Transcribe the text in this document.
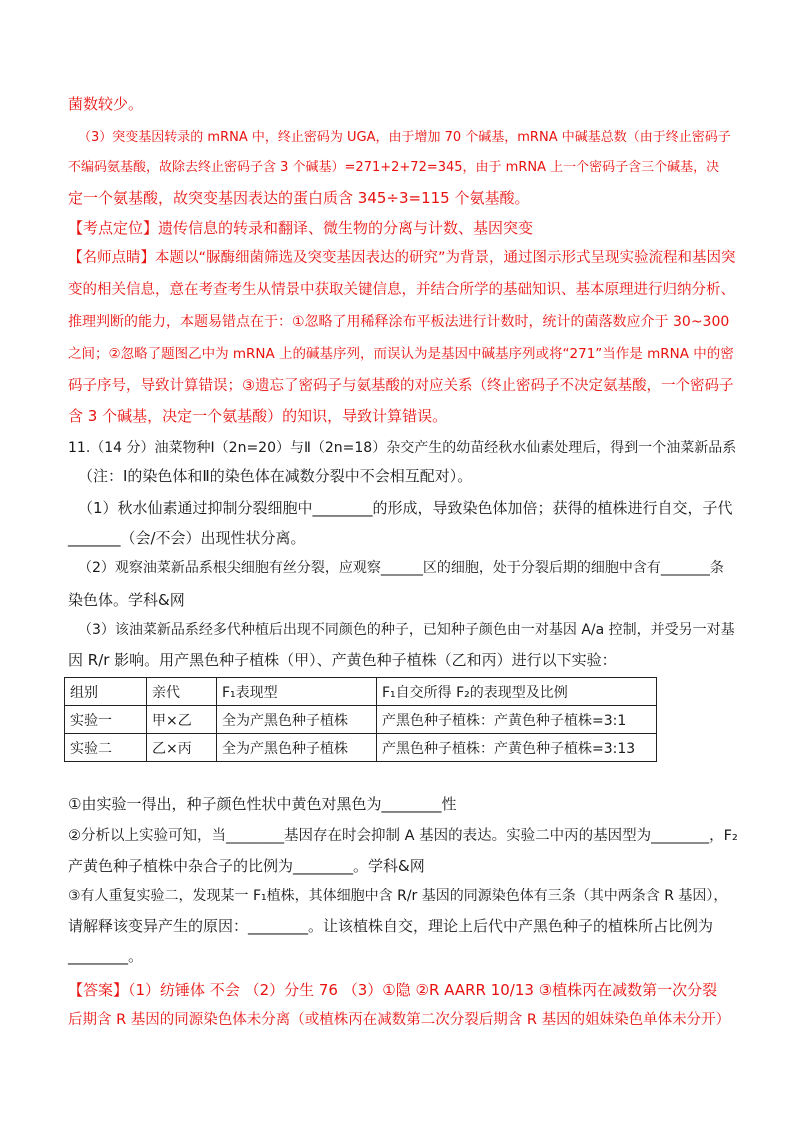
菌数较少。
（3）突变基因转录的 mRNA 中，终止密码为 UGA，由于增加 70 个碱基，mRNA 中碱基总数（由于终止密码子
不编码氨基酸，故除去终止密码子含 3 个碱基）=271+2+72=345，由于 mRNA 上一个密码子含三个碱基，决
定一个氨基酸，故突变基因表达的蛋白质含 345÷3=115 个氨基酸。
【考点定位】遗传信息的转录和翻译、微生物的分离与计数、基因突变
【名师点睛】本题以“脲酶细菌筛选及突变基因表达的研究”为背景，通过图示形式呈现实验流程和基因突
变的相关信息，意在考查考生从情景中获取关键信息，并结合所学的基础知识、基本原理进行归纳分析、
推理判断的能力，本题易错点在于：①忽略了用稀释涂布平板法进行计数时，统计的菌落数应介于 30~300
之间；②忽略了题图乙中为 mRNA 上的碱基序列，而误认为是基因中碱基序列或将“271”当作是 mRNA 中的密
码子序号，导致计算错误；③遗忘了密码子与氨基酸的对应关系（终止密码子不决定氨基酸，一个密码子
含 3 个碱基，决定一个氨基酸）的知识，导致计算错误。
11.（14 分）油菜物种Ⅰ（2n=20）与Ⅱ（2n=18）杂交产生的幼苗经秋水仙素处理后，得到一个油菜新品系
（注：Ⅰ的染色体和Ⅱ的染色体在减数分裂中不会相互配对）。
（1）秋水仙素通过抑制分裂细胞中________的形成，导致染色体加倍；获得的植株进行自交，子代
_______（会/不会）出现性状分离。
（2）观察油菜新品系根尖细胞有丝分裂，应观察______区的细胞，处于分裂后期的细胞中含有_______条
染色体。学科&网
（3）该油菜新品系经多代种植后出现不同颜色的种子，已知种子颜色由一对基因 A/a 控制，并受另一对基
因 R/r 影响。用产黑色种子植株（甲）、产黄色种子植株（乙和丙）进行以下实验：
组别	亲代	F₁表现型	F₁自交所得 F₂的表现型及比例
实验一	甲×乙	全为产黑色种子植株	产黑色种子植株：产黄色种子植株=3:1
实验二	乙×丙	全为产黑色种子植株	产黑色种子植株：产黄色种子植株=3:13
①由实验一得出，种子颜色性状中黄色对黑色为________性
②分析以上实验可知，当________基因存在时会抑制 A 基因的表达。实验二中丙的基因型为________，F₂
产黄色种子植株中杂合子的比例为________。学科&网
③有人重复实验二，发现某一 F₁植株，其体细胞中含 R/r 基因的同源染色体有三条（其中两条含 R 基因），
请解释该变异产生的原因：________。让该植株自交，理论上后代中产黑色种子的植株所占比例为
________。
【答案】（1）纺锤体 不会 （2）分生 76 （3）①隐 ②R AARR 10/13 ③植株丙在减数第一次分裂
后期含 R 基因的同源染色体未分离（或植株丙在减数第二次分裂后期含 R 基因的姐妹染色单体未分开）
